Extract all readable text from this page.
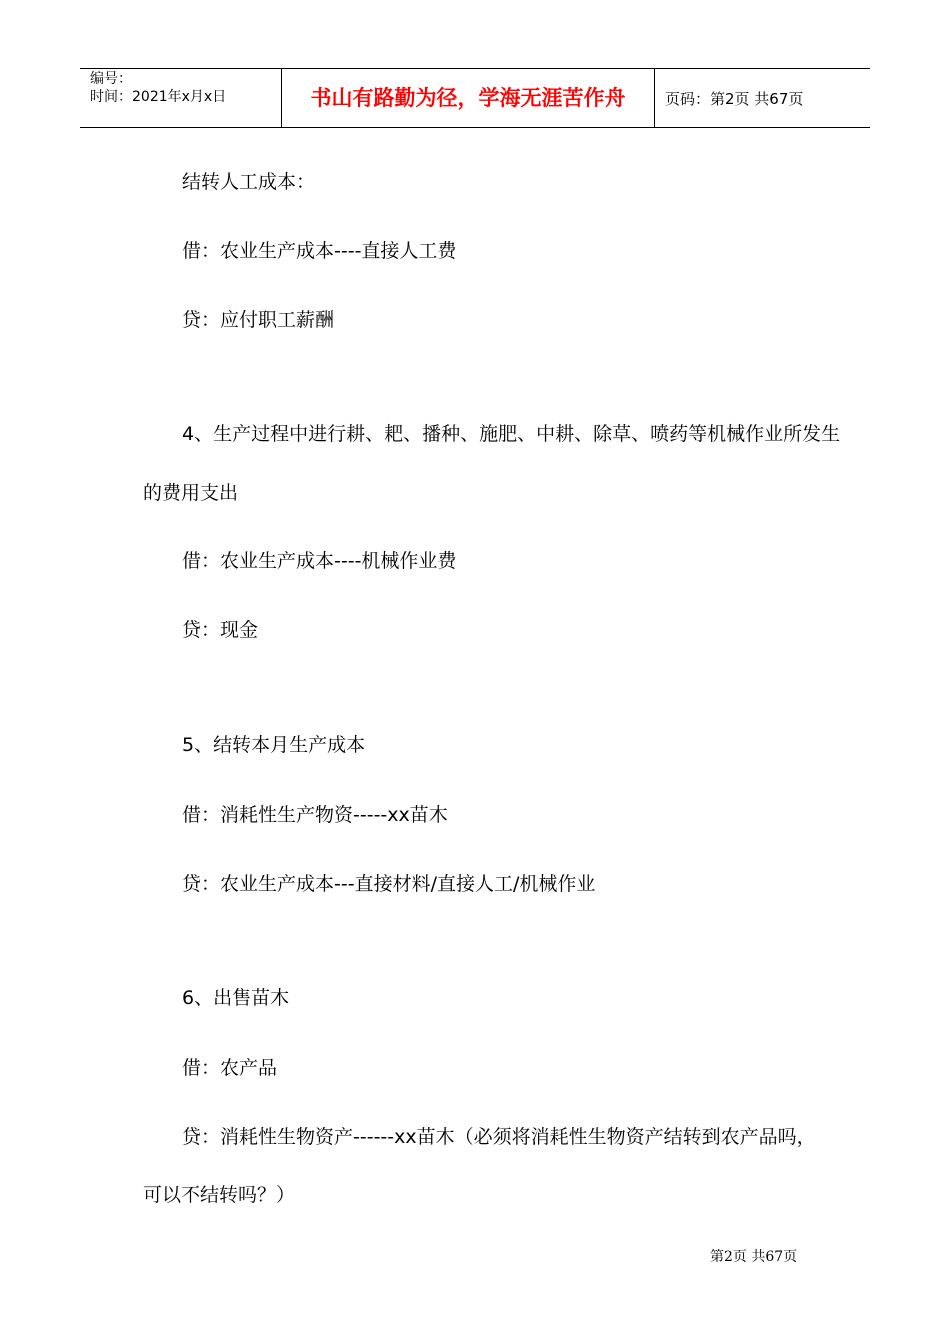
编号：
时间：2021年x月x日	书山有路勤为径，学海无涯苦作舟	页码：第2页 共67页

结转人工成本：

借：农业生产成本----直接人工费

贷：应付职工薪酬

4、生产过程中进行耕、耙、播种、施肥、中耕、除草、喷药等机械作业所发生

的费用支出

借：农业生产成本----机械作业费

贷：现金

5、结转本月生产成本

借：消耗性生产物资-----xx苗木

贷：农业生产成本---直接材料/直接人工/机械作业

6、出售苗木

借：农产品

贷：消耗性生物资产------xx苗木（必须将消耗性生物资产结转到农产品吗，

可以不结转吗？）

第2页 共67页
